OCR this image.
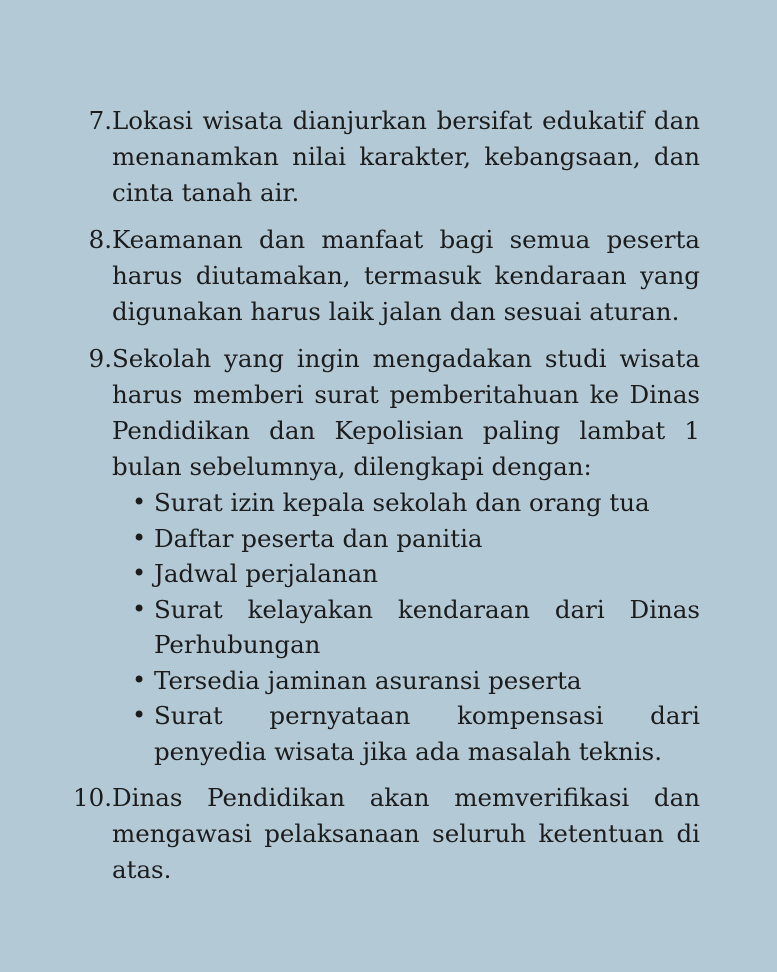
7. Lokasi wisata dianjurkan bersifat edukatif dan menanamkan nilai karakter, kebangsaan, dan cinta tanah air.
8. Keamanan dan manfaat bagi semua peserta harus diutamakan, termasuk kendaraan yang digunakan harus laik jalan dan sesuai aturan.
9. Sekolah yang ingin mengadakan studi wisata harus memberi surat pemberitahuan ke Dinas Pendidikan dan Kepolisian paling lambat 1 bulan sebelumnya, dilengkapi dengan:
• Surat izin kepala sekolah dan orang tua
• Daftar peserta dan panitia
• Jadwal perjalanan
• Surat kelayakan kendaraan dari Dinas Perhubungan
• Tersedia jaminan asuransi peserta
• Surat pernyataan kompensasi dari penyedia wisata jika ada masalah teknis.
10. Dinas Pendidikan akan memverifikasi dan mengawasi pelaksanaan seluruh ketentuan di atas.
